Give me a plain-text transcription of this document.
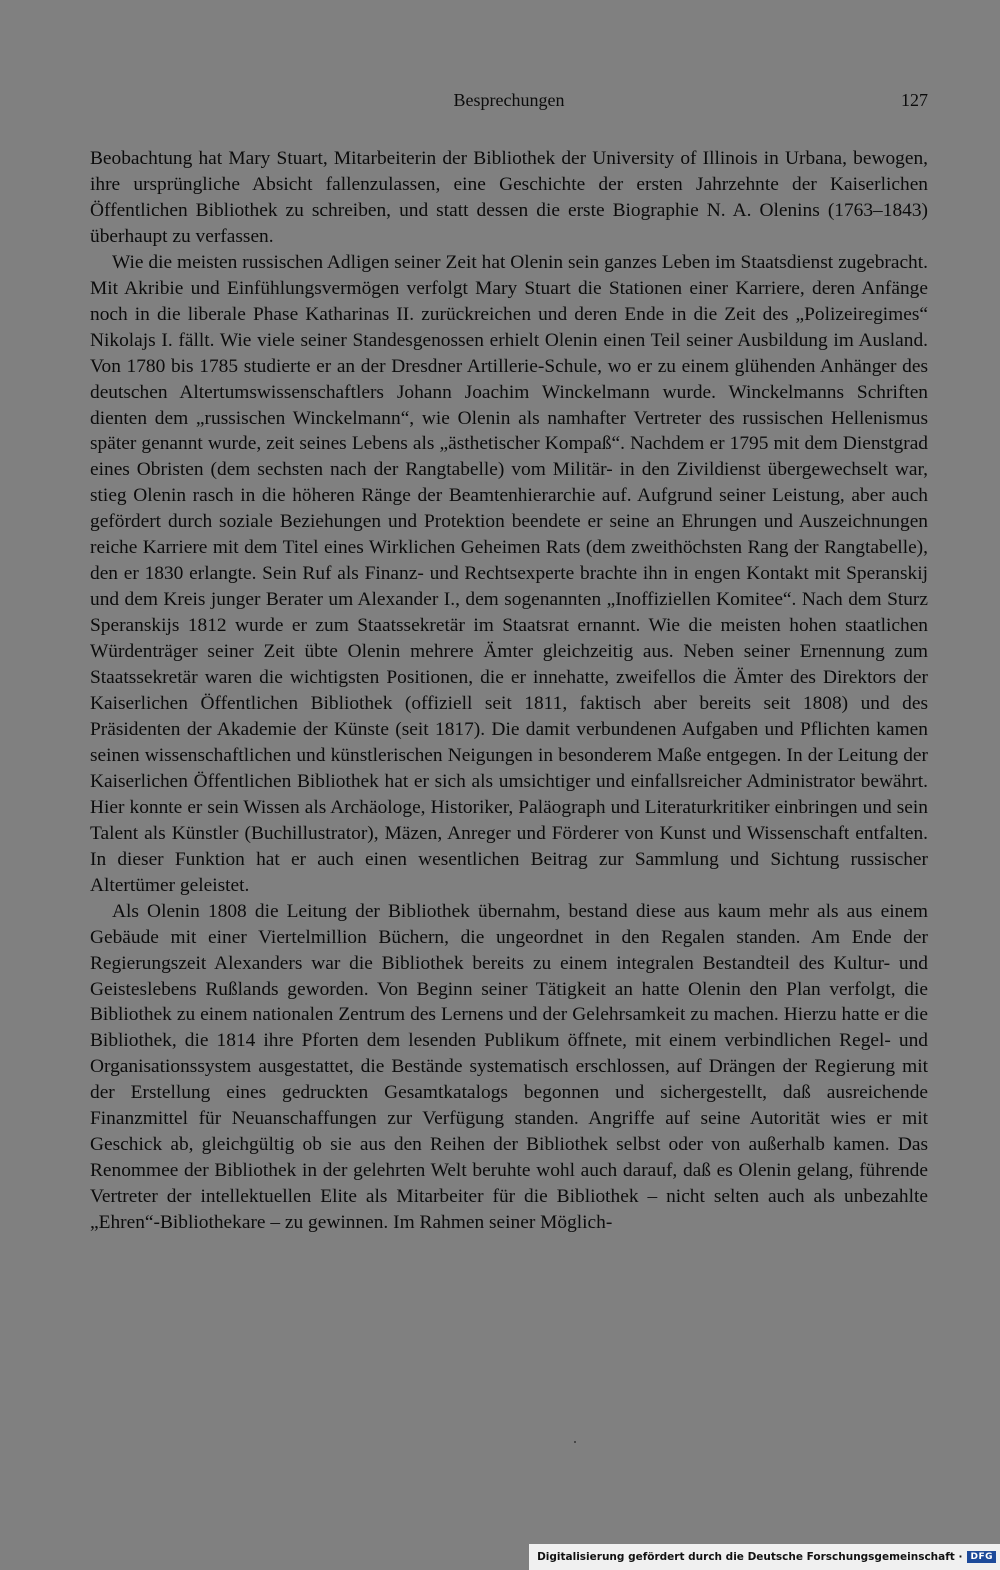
Besprechungen	127

Beobachtung hat Mary Stuart, Mitarbeiterin der Bibliothek der University of Illinois in Urbana, bewogen, ihre ursprüngliche Absicht fallenzulassen, eine Geschichte der ersten Jahrzehnte der Kaiserlichen Öffentlichen Bibliothek zu schreiben, und statt dessen die erste Biographie N. A. Olenins (1763–1843) überhaupt zu verfassen.

Wie die meisten russischen Adligen seiner Zeit hat Olenin sein ganzes Leben im Staatsdienst zugebracht. Mit Akribie und Einfühlungsvermögen verfolgt Mary Stuart die Stationen einer Karriere, deren Anfänge noch in die liberale Phase Katharinas II. zurückreichen und deren Ende in die Zeit des „Polizeiregimes“ Nikolajs I. fällt. Wie viele seiner Standesgenossen erhielt Olenin einen Teil seiner Ausbildung im Ausland. Von 1780 bis 1785 studierte er an der Dresdner Artillerie-Schule, wo er zu einem glühenden Anhänger des deutschen Altertumswissenschaftlers Johann Joachim Winckelmann wurde. Winckelmanns Schriften dienten dem „russischen Winckelmann“, wie Olenin als namhafter Vertreter des russischen Hellenismus später genannt wurde, zeit seines Lebens als „ästhetischer Kompaß“. Nachdem er 1795 mit dem Dienstgrad eines Obristen (dem sechsten nach der Rangtabelle) vom Militär- in den Zivildienst übergewechselt war, stieg Olenin rasch in die höheren Ränge der Beamtenhierarchie auf. Aufgrund seiner Leistung, aber auch gefördert durch soziale Beziehungen und Protektion beendete er seine an Ehrungen und Auszeichnungen reiche Karriere mit dem Titel eines Wirklichen Geheimen Rats (dem zweithöchsten Rang der Rangtabelle), den er 1830 erlangte. Sein Ruf als Finanz- und Rechtsexperte brachte ihn in engen Kontakt mit Speranskij und dem Kreis junger Berater um Alexander I., dem sogenannten „Inoffiziellen Komitee“. Nach dem Sturz Speranskijs 1812 wurde er zum Staatssekretär im Staatsrat ernannt. Wie die meisten hohen staatlichen Würdenträger seiner Zeit übte Olenin mehrere Ämter gleichzeitig aus. Neben seiner Ernennung zum Staatssekretär waren die wichtigsten Positionen, die er innehatte, zweifellos die Ämter des Direktors der Kaiserlichen Öffentlichen Bibliothek (offiziell seit 1811, faktisch aber bereits seit 1808) und des Präsidenten der Akademie der Künste (seit 1817). Die damit verbundenen Aufgaben und Pflichten kamen seinen wissenschaftlichen und künstlerischen Neigungen in besonderem Maße entgegen. In der Leitung der Kaiserlichen Öffentlichen Bibliothek hat er sich als umsichtiger und einfallsreicher Administrator bewährt. Hier konnte er sein Wissen als Archäologe, Historiker, Paläograph und Literaturkritiker einbringen und sein Talent als Künstler (Buchillustrator), Mäzen, Anreger und Förderer von Kunst und Wissenschaft entfalten. In dieser Funktion hat er auch einen wesentlichen Beitrag zur Sammlung und Sichtung russischer Altertümer geleistet.

Als Olenin 1808 die Leitung der Bibliothek übernahm, bestand diese aus kaum mehr als aus einem Gebäude mit einer Viertelmillion Büchern, die ungeordnet in den Regalen standen. Am Ende der Regierungszeit Alexanders war die Bibliothek bereits zu einem integralen Bestandteil des Kultur- und Geisteslebens Rußlands geworden. Von Beginn seiner Tätigkeit an hatte Olenin den Plan verfolgt, die Bibliothek zu einem nationalen Zentrum des Lernens und der Gelehrsamkeit zu machen. Hierzu hatte er die Bibliothek, die 1814 ihre Pforten dem lesenden Publikum öffnete, mit einem verbindlichen Regel- und Organisationssystem ausgestattet, die Bestände systematisch erschlossen, auf Drängen der Regierung mit der Erstellung eines gedruckten Gesamtkatalogs begonnen und sichergestellt, daß ausreichende Finanzmittel für Neuanschaffungen zur Verfügung standen. Angriffe auf seine Autorität wies er mit Geschick ab, gleichgültig ob sie aus den Reihen der Bibliothek selbst oder von außerhalb kamen. Das Renommee der Bibliothek in der gelehrten Welt beruhte wohl auch darauf, daß es Olenin gelang, führende Vertreter der intellektuellen Elite als Mitarbeiter für die Bibliothek – nicht selten auch als unbezahlte „Ehren“-Bibliothekare – zu gewinnen. Im Rahmen seiner Möglich-

Digitalisierung gefördert durch die Deutsche Forschungsgemeinschaft · DFG
